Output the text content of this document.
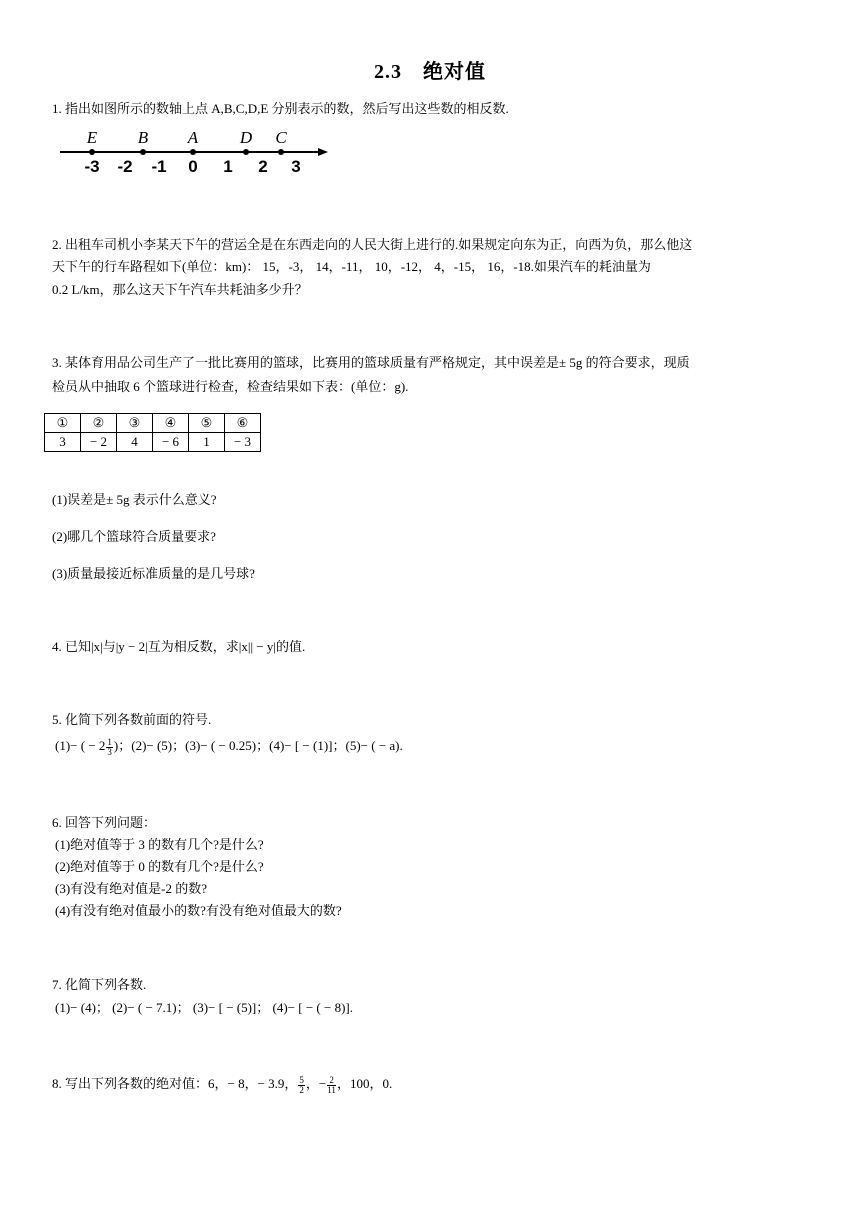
2.3　绝对值
1. 指出如图所示的数轴上点 A,B,C,D,E 分别表示的数，然后写出这些数的相反数.
E B A D C
-3 -2 -1 0 1 2 3
2. 出租车司机小李某天下午的营运全是在东西走向的人民大街上进行的.如果规定向东为正，向西为负，那么他这
天下午的行车路程如下(单位：km)： 15，-3， 14，-11， 10，-12， 4，-15， 16，-18.如果汽车的耗油量为
0.2 L/km，那么这天下午汽车共耗油多少升？
3. 某体育用品公司生产了一批比赛用的篮球，比赛用的篮球质量有严格规定，其中误差是± 5g 的符合要求，现质
检员从中抽取 6 个篮球进行检查，检查结果如下表：(单位：g).
①	②	③	④	⑤	⑥
3	− 2	4	− 6	1	− 3
(1)误差是± 5g 表示什么意义?
(2)哪几个篮球符合质量要求?
(3)质量最接近标准质量的是几号球?
4. 已知|x|与|y − 2|互为相反数，求|x|| − y|的值.
5. 化简下列各数前面的符号.
(1)− ( − $2 \frac{1}{3}$ )；(2)− (5)；(3)− ( − 0.25)；(4)− [ − (1)]；(5)− ( − a).
6. 回答下列问题：
(1)绝对值等于 3 的数有几个?是什么?
(2)绝对值等于 0 的数有几个?是什么?
(3)有没有绝对值是-2 的数?
(4)有没有绝对值最小的数?有没有绝对值最大的数?
7. 化简下列各数.
(1)− (4)； (2)− ( − 7.1)； (3)− [ − (5)]； (4)− [ − ( − 8)].
8. 写出下列各数的绝对值：6，− 8，− 3.9， $\frac{5}{2}$ ，− $\frac{2}{11}$ ，100，0.
